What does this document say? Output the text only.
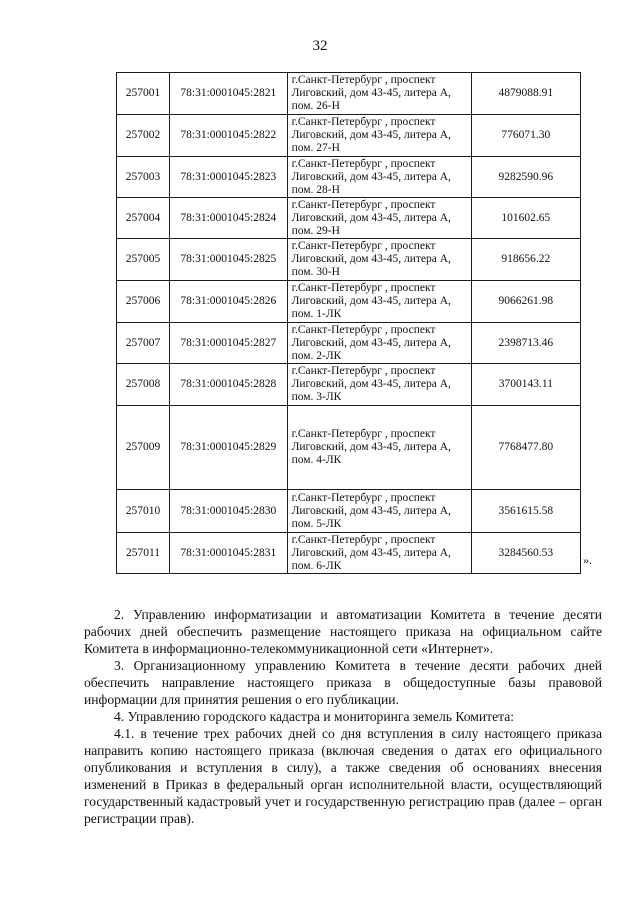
32
257001	78:31:0001045:2821	г.Санкт-Петербург , проспект
Лиговский, дом 43-45, литера А,
пом. 26-Н	4879088.91
257002	78:31:0001045:2822	г.Санкт-Петербург , проспект
Лиговский, дом 43-45, литера А,
пом. 27-Н	776071.30
257003	78:31:0001045:2823	г.Санкт-Петербург , проспект
Лиговский, дом 43-45, литера А,
пом. 28-Н	9282590.96
257004	78:31:0001045:2824	г.Санкт-Петербург , проспект
Лиговский, дом 43-45, литера А,
пом. 29-Н	101602.65
257005	78:31:0001045:2825	г.Санкт-Петербург , проспект
Лиговский, дом 43-45, литера А,
пом. 30-Н	918656.22
257006	78:31:0001045:2826	г.Санкт-Петербург , проспект
Лиговский, дом 43-45, литера А,
пом. 1-ЛК	9066261.98
257007	78:31:0001045:2827	г.Санкт-Петербург , проспект
Лиговский, дом 43-45, литера А,
пом. 2-ЛК	2398713.46
257008	78:31:0001045:2828	г.Санкт-Петербург , проспект
Лиговский, дом 43-45, литера А,
пом. 3-ЛК	3700143.11
257009	78:31:0001045:2829	г.Санкт-Петербург , проспект
Лиговский, дом 43-45, литера А,
пом. 4-ЛК	7768477.80
257010	78:31:0001045:2830	г.Санкт-Петербург , проспект
Лиговский, дом 43-45, литера А,
пом. 5-ЛК	3561615.58
257011	78:31:0001045:2831	г.Санкт-Петербург , проспект
Лиговский, дом 43-45, литера А,
пом. 6-ЛК	3284560.53
».

2. Управлению информатизации и автоматизации Комитета в течение десяти рабочих дней обеспечить размещение настоящего приказа на официальном сайте Комитета в информационно-телекоммуникационной сети «Интернет».

3. Организационному управлению Комитета в течение десяти рабочих дней обеспечить направление настоящего приказа в общедоступные базы правовой информации для принятия решения о его публикации.

4. Управлению городского кадастра и мониторинга земель Комитета:

4.1. в течение трех рабочих дней со дня вступления в силу настоящего приказа направить копию настоящего приказа (включая сведения о датах его официального опубликования и вступления в силу), а также сведения об основаниях внесения изменений в Приказ в федеральный орган исполнительной власти, осуществляющий государственный кадастровый учет и государственную регистрацию прав (далее – орган регистрации прав).
